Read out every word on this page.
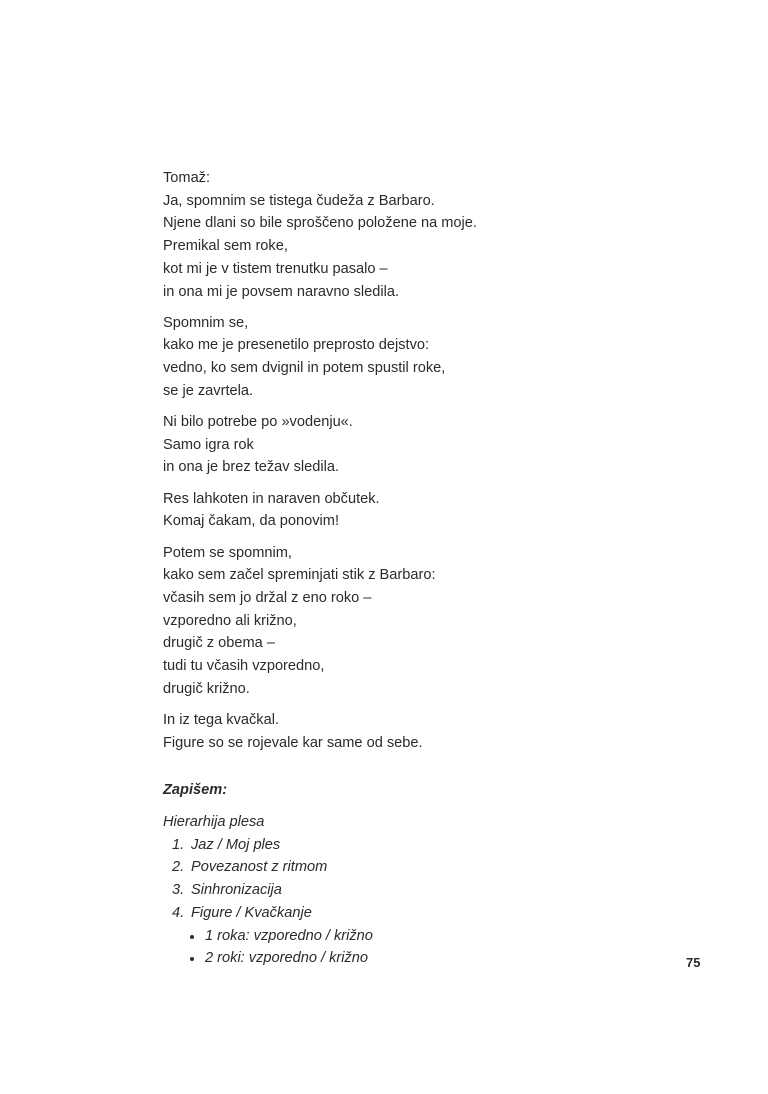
Tomaž:

Ja, spomnim se tistega čudeža z Barbaro.
Njene dlani so bile sproščeno položene na moje.
Premikal sem roke,
kot mi je v tistem trenutku pasalo –
in ona mi je povsem naravno sledila.
Spomnim se,
kako me je presenetilo preprosto dejstvo:
vedno, ko sem dvignil in potem spustil roke,
se je zavrtela.
Ni bilo potrebe po »vodenju«.
Samo igra rok
in ona je brez težav sledila.
Res lahkoten in naraven občutek.
Komaj čakam, da ponovim!
Potem se spomnim,
kako sem začel spreminjati stik z Barbaro:
včasih sem jo držal z eno roko –
vzporedno ali križno,
drugič z obema –
tudi tu včasih vzporedno,
drugič križno.
In iz tega kvačkal.
Figure so se rojevale kar same od sebe.

Zapišem:

Hierarhija plesa
1. Jaz / Moj ples
2. Povezanost z ritmom
3. Sinhronizacija
4. Figure / Kvačkanje
1 roka: vzporedno / križno
2 roki: vzporedno / križno	75
